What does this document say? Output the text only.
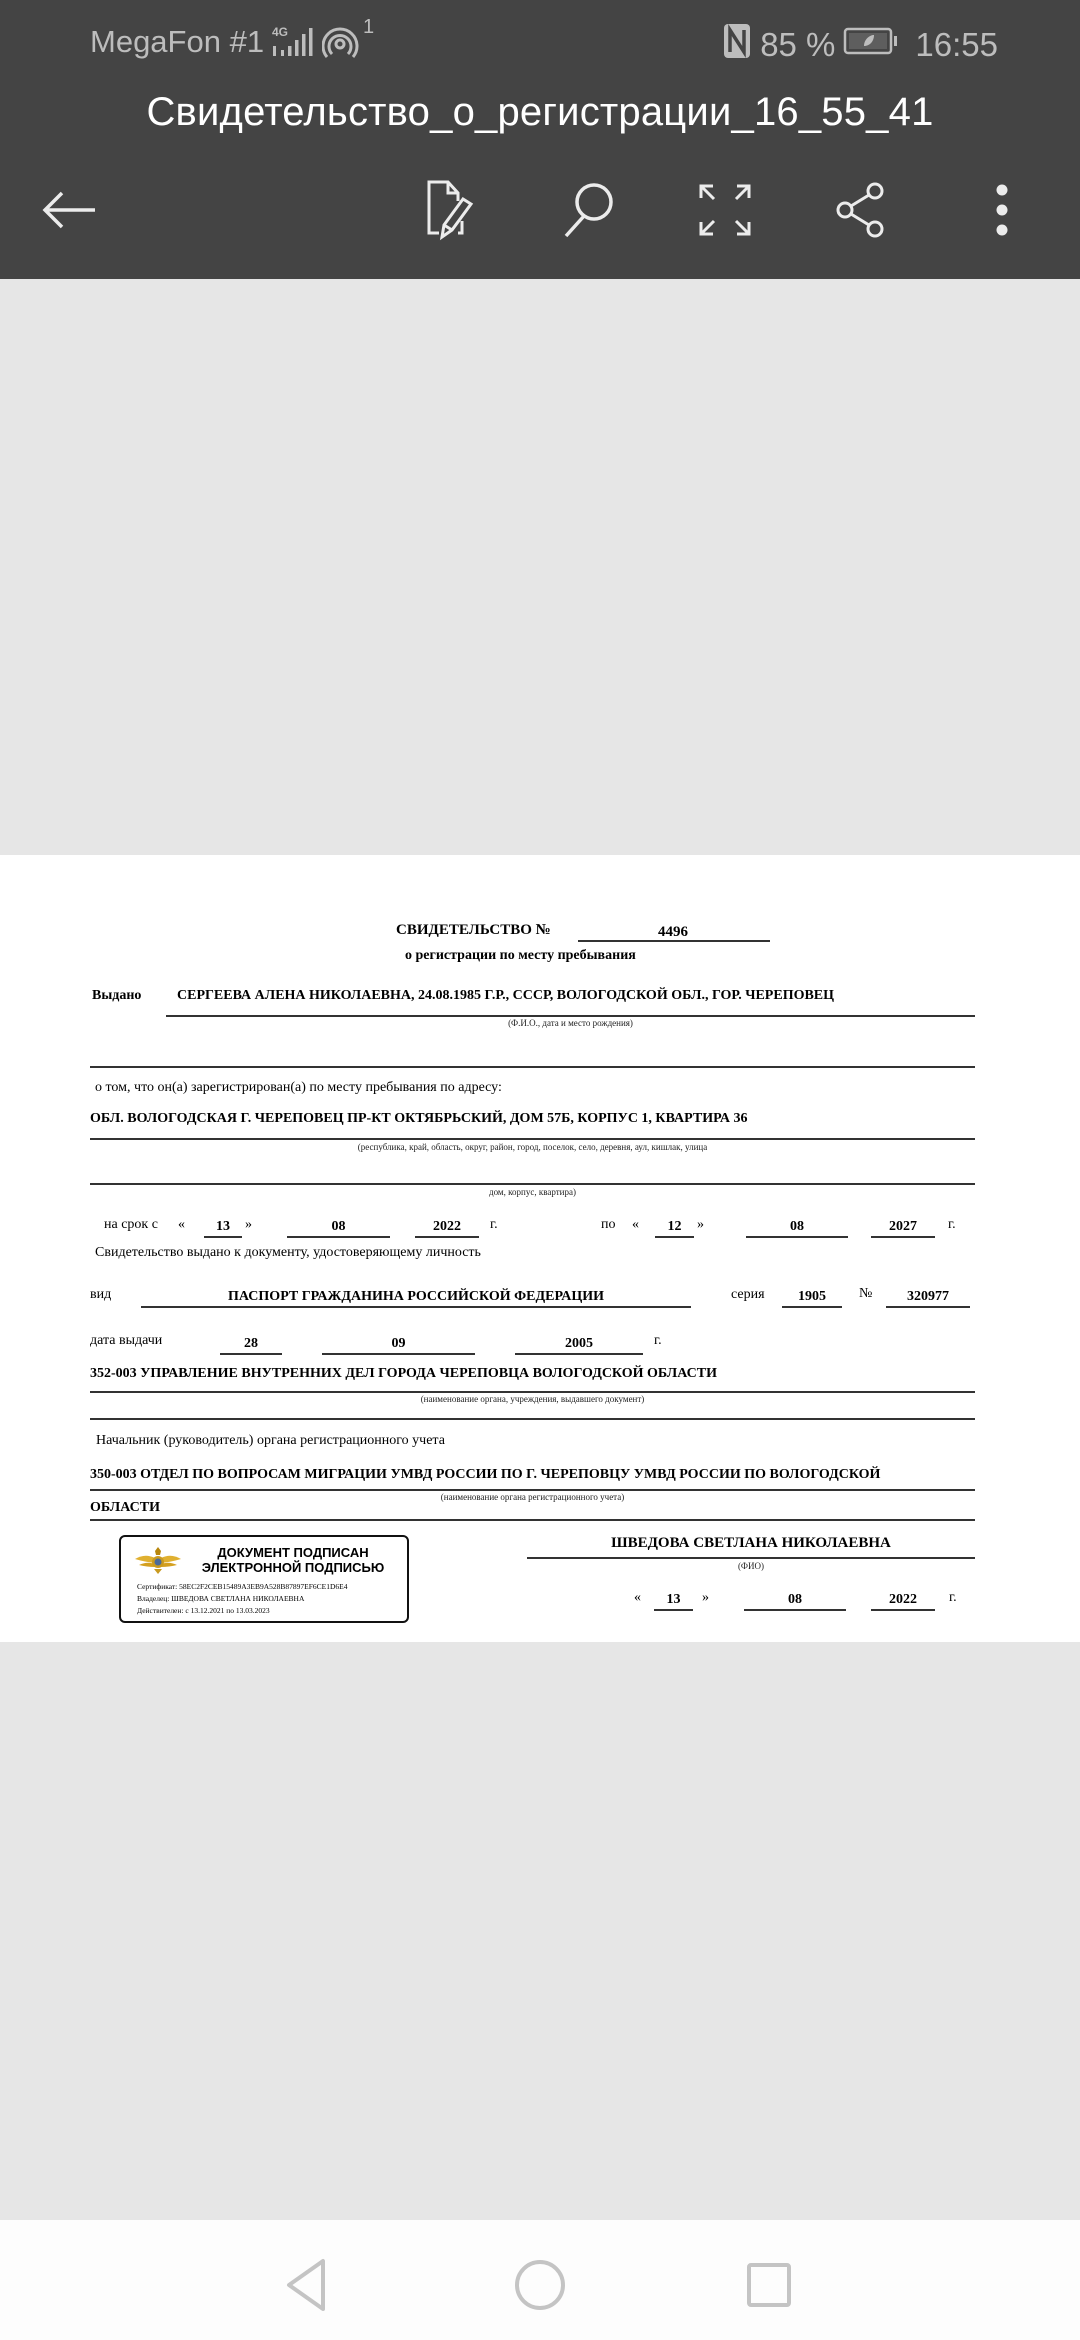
MegaFon #1 4G	1	85 % 16:55
Свидетельство_о_регистрации_16_55_41
СВИДЕТЕЛЬСТВО №	4496
о регистрации по месту пребывания
Выдано	СЕРГЕЕВА АЛЕНА НИКОЛАЕВНА, 24.08.1985 Г.Р., СССР, ВОЛОГОДСКОЙ ОБЛ., ГОР. ЧЕРЕПОВЕЦ
(Ф.И.О., дата и место рождения)
о том, что он(а) зарегистрирован(а) по месту пребывания по адресу:
ОБЛ. ВОЛОГОДСКАЯ Г. ЧЕРЕПОВЕЦ ПР-КТ ОКТЯБРЬСКИЙ, ДОМ 57Б, КОРПУС 1, КВАРТИРА 36
(республика, край, область, округ, район, город, поселок, село, деревня, аул, кишлак, улица
дом, корпус, квартира)
на срок с «	13	»	08	2022	г.	по «	12	»	08	2027	г.
Свидетельство выдано к документу, удостоверяющему личность
вид	ПАСПОРТ ГРАЖДАНИНА РОССИЙСКОЙ ФЕДЕРАЦИИ	серия	1905	№	320977
дата выдачи	28	09	2005	г.
352-003 УПРАВЛЕНИЕ ВНУТРЕННИХ ДЕЛ ГОРОДА ЧЕРЕПОВЦА ВОЛОГОДСКОЙ ОБЛАСТИ
(наименование органа, учреждения, выдавшего документ)
Начальник (руководитель) органа регистрационного учета
350-003 ОТДЕЛ ПО ВОПРОСАМ МИГРАЦИИ УМВД РОССИИ ПО Г. ЧЕРЕПОВЦУ УМВД РОССИИ ПО ВОЛОГОДСКОЙ
(наименование органа регистрационного учета)
ОБЛАСТИ
ДОКУМЕНТ ПОДПИСАН
ЭЛЕКТРОННОЙ ПОДПИСЬЮ
Сертификат: 58EC2F2CEB15489A3EB9A528B87897EF6CE1D6E4
Владелец: ШВЕДОВА СВЕТЛАНА НИКОЛАЕВНА
Действителен: с 13.12.2021 по 13.03.2023
ШВЕДОВА СВЕТЛАНА НИКОЛАЕВНА
(ФИО)
«	13	»	08	2022	г.
